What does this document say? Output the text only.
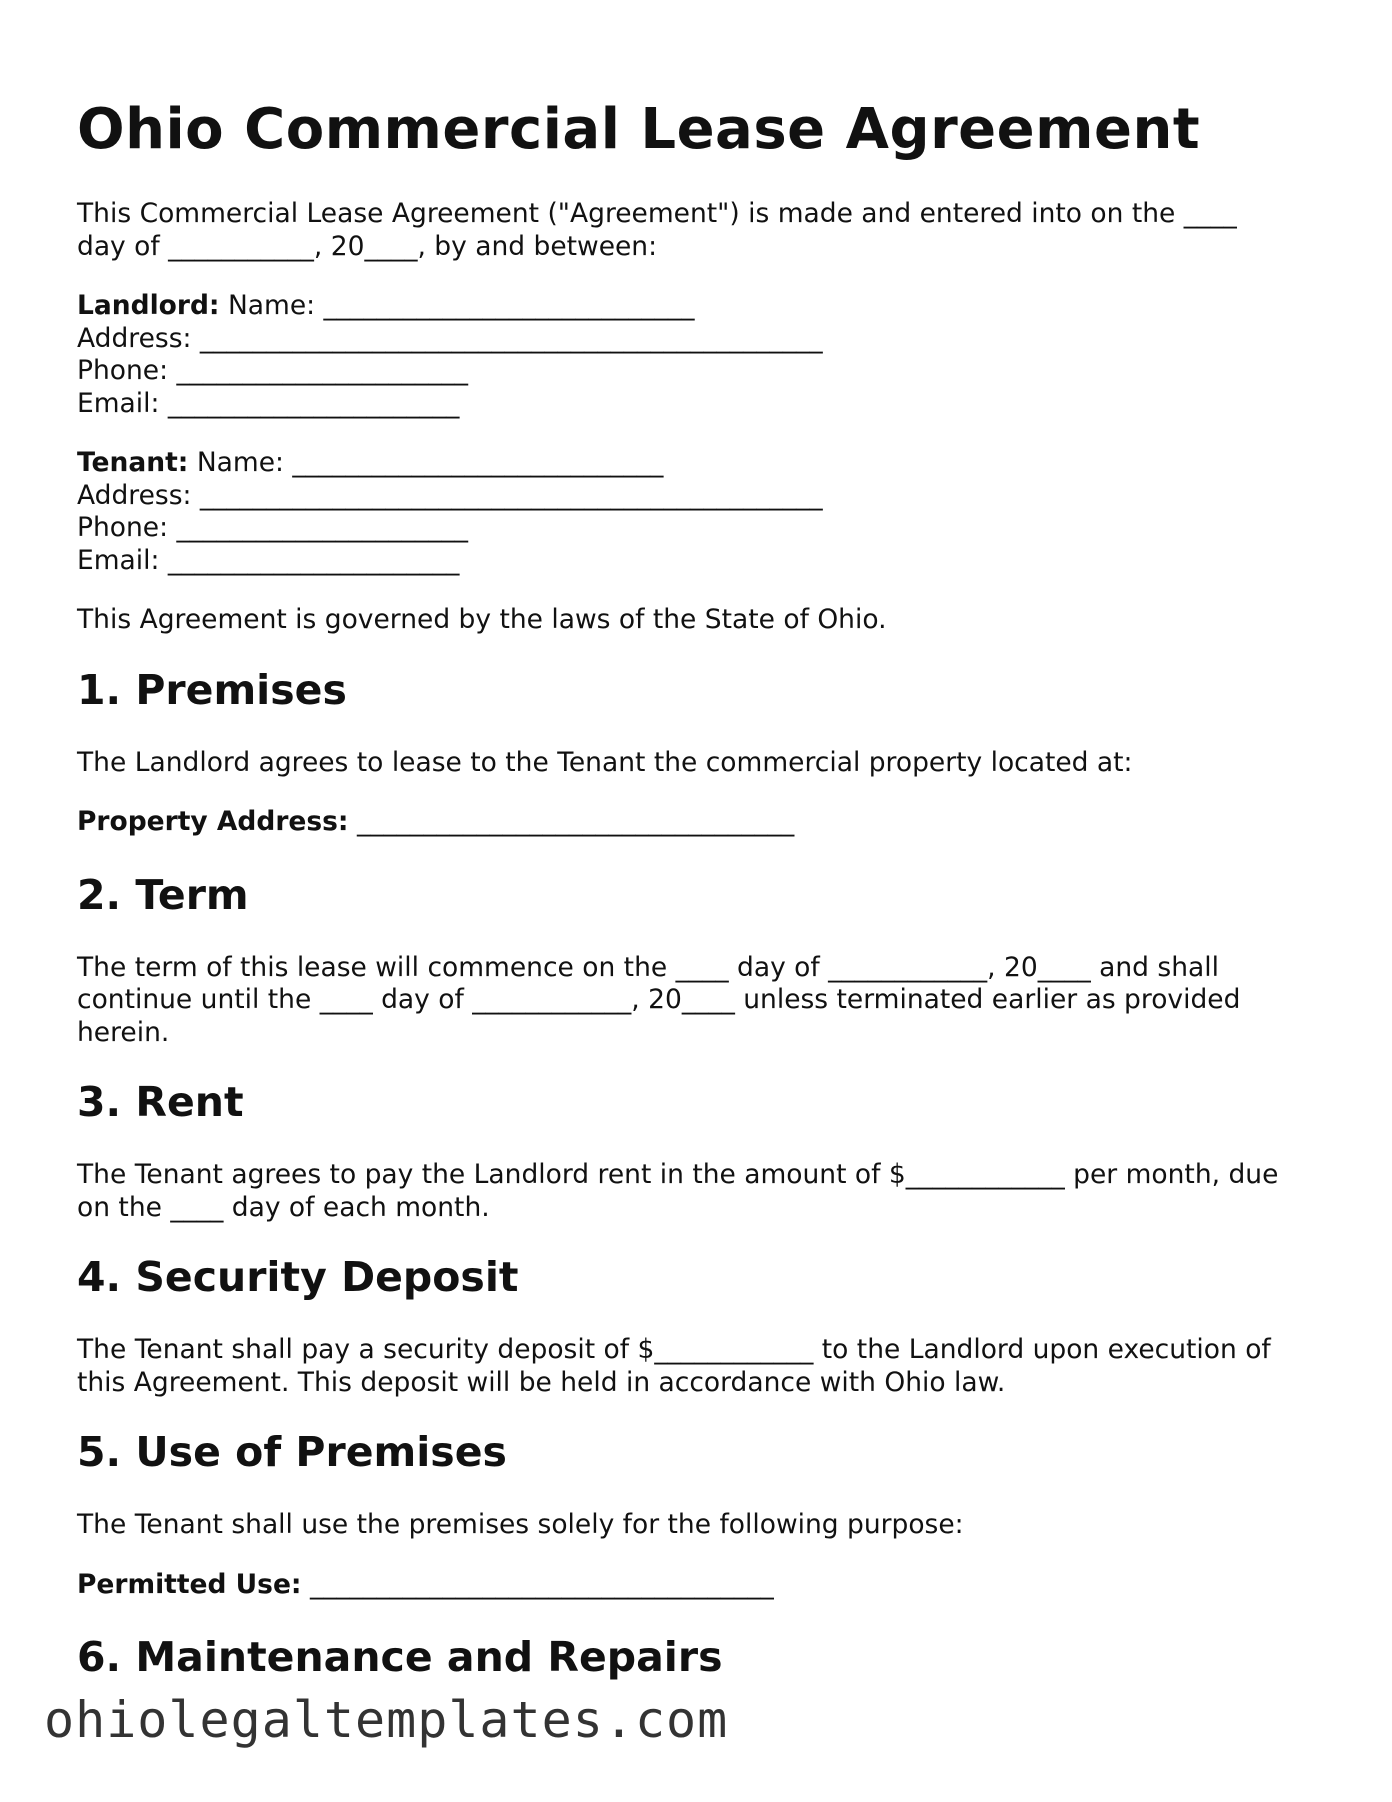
Ohio Commercial Lease Agreement

This Commercial Lease Agreement ("Agreement") is made and entered into on the ____
day of ___________, 20____, by and between:

Landlord: Name: ____________________________
Address: _______________________________________________
Phone: ______________________
Email: ______________________

Tenant: Name: ____________________________
Address: _______________________________________________
Phone: ______________________
Email: ______________________

This Agreement is governed by the laws of the State of Ohio.

1. Premises

The Landlord agrees to lease to the Tenant the commercial property located at:

Property Address: _________________________________

2. Term

The term of this lease will commence on the ____ day of ____________, 20____ and shall
continue until the ____ day of ____________, 20____ unless terminated earlier as provided
herein.

3. Rent

The Tenant agrees to pay the Landlord rent in the amount of $____________ per month, due
on the ____ day of each month.

4. Security Deposit

The Tenant shall pay a security deposit of $____________ to the Landlord upon execution of
this Agreement. This deposit will be held in accordance with Ohio law.

5. Use of Premises

The Tenant shall use the premises solely for the following purpose:

Permitted Use: ___________________________________

6. Maintenance and Repairs
ohiolegaltemplates.com
